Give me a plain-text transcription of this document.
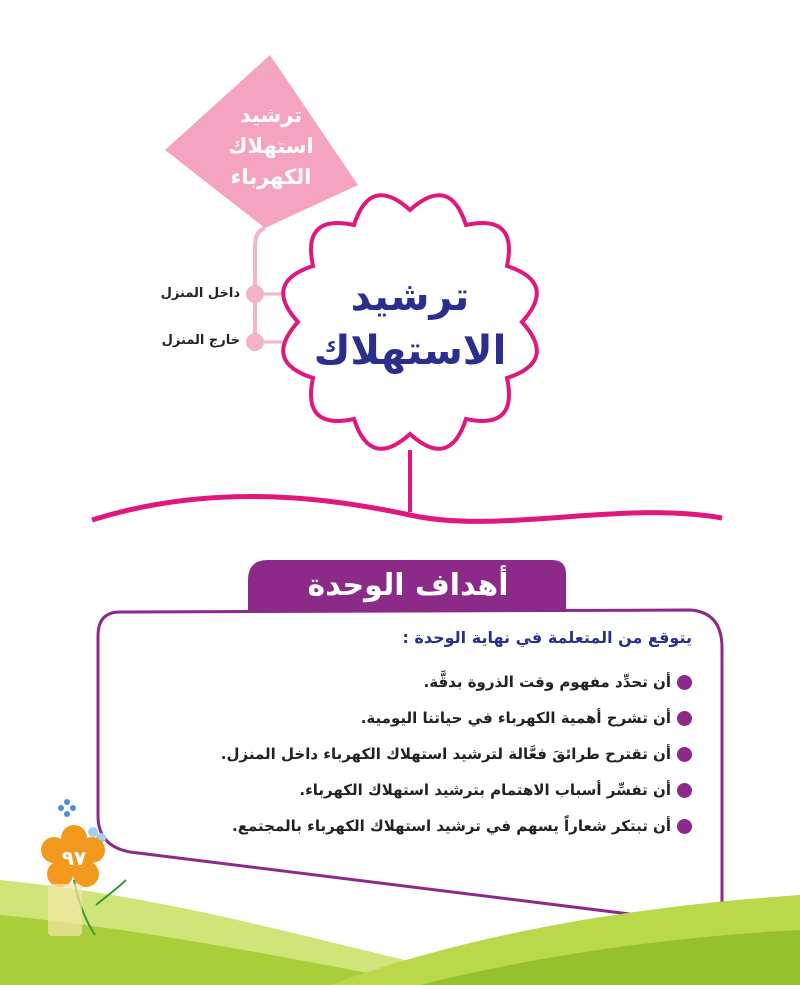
ترشيد
استهلاك
الكهرباء
ترشيد
الاستهلاك
داخل المنزل
خارج المنزل
أهداف الوحدة
يتوقع من المتعلمة في نهاية الوحدة :
أن تحدِّد مفهوم وقت الذروة بدقَّة.
أن تشرح أهمية الكهرباء في حياتنا اليومية.
أن تقترح طرائقَ فعَّالة لترشيد استهلاك الكهرباء داخل المنزل.
أن تفسِّر أسباب الاهتمام بترشيد استهلاك الكهرباء.
أن تبتكر شعاراً يسهم في ترشيد استهلاك الكهرباء بالمجتمع.
٩٧
